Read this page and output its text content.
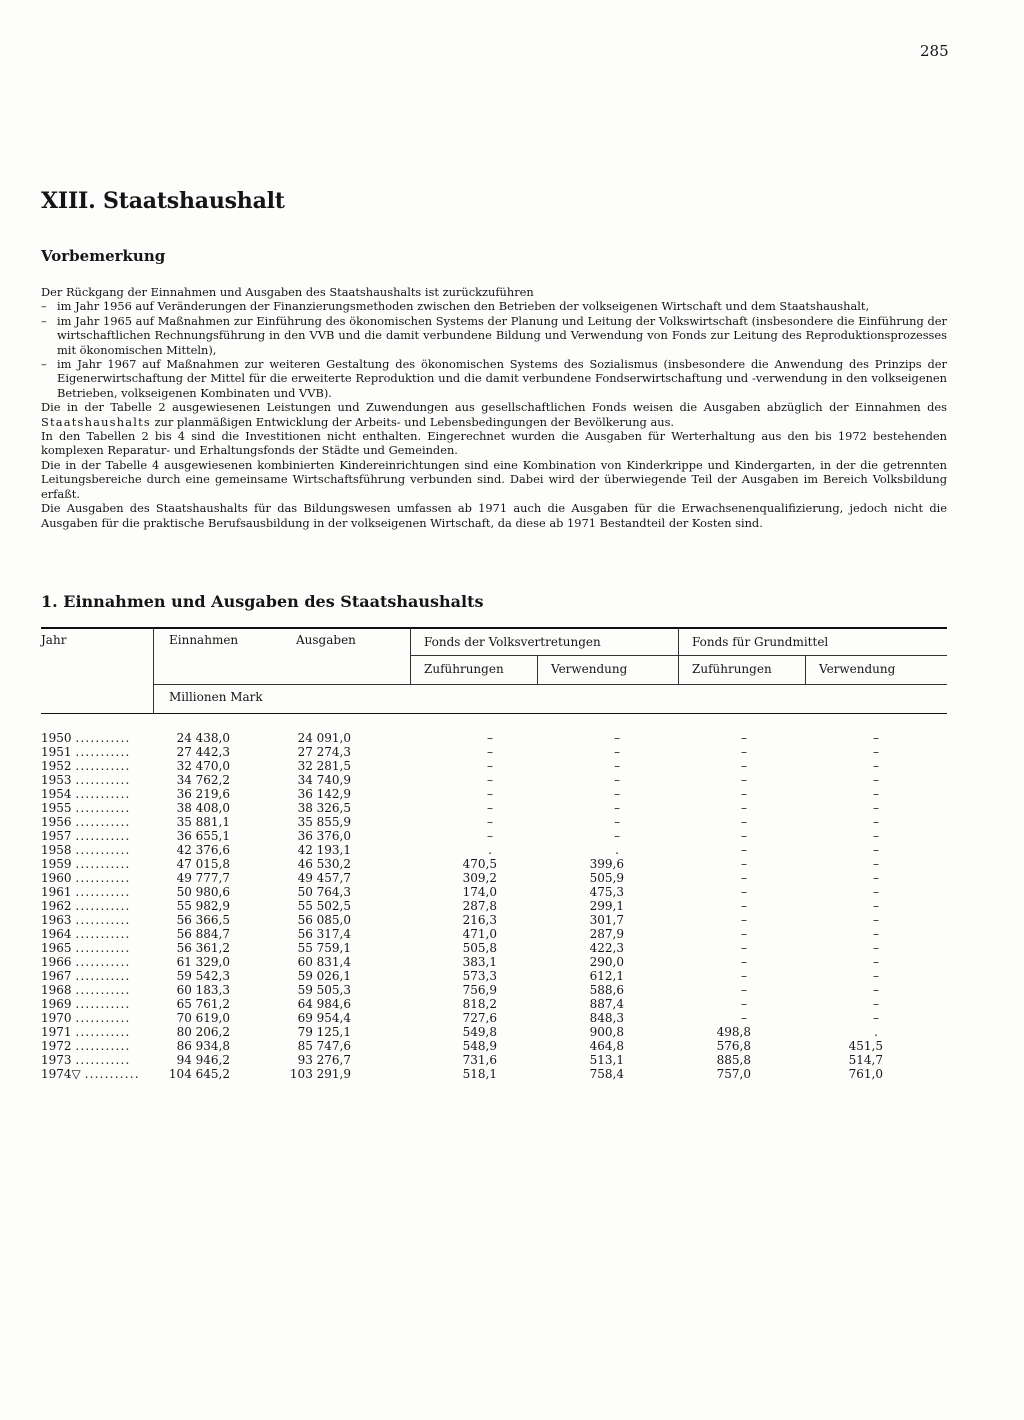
285
XIII. Staatshaushalt
Vorbemerkung

Der Rückgang der Einnahmen und Ausgaben des Staatshaushalts ist zurückzuführen

– im Jahr 1956 auf Veränderungen der Finanzierungsmethoden zwischen den Betrieben der volkseigenen Wirtschaft und dem Staatshaushalt,

– im Jahr 1965 auf Maßnahmen zur Einführung des ökonomischen Systems der Planung und Leitung der Volkswirtschaft (insbesondere die Einführung der wirtschaftlichen Rechnungsführung in den VVB und die damit verbundene Bildung und Verwendung von Fonds zur Leitung des Reproduktionsprozesses mit ökonomischen Mitteln),

– im Jahr 1967 auf Maßnahmen zur weiteren Gestaltung des ökonomischen Systems des Sozialismus (insbesondere die Anwendung des Prinzips der Eigenerwirtschaftung der Mittel für die erweiterte Reproduktion und die damit verbundene Fondserwirtschaftung und -verwendung in den volkseigenen Betrieben, volkseigenen Kombinaten und VVB).

Die in der Tabelle 2 ausgewiesenen Leistungen und Zuwendungen aus gesellschaftlichen Fonds weisen die Ausgaben abzüglich der Einnahmen des Staatshaushalts zur planmäßigen Entwicklung der Arbeits- und Lebensbedingungen der Bevölkerung aus.

In den Tabellen 2 bis 4 sind die Investitionen nicht enthalten. Eingerechnet wurden die Ausgaben für Werterhaltung aus den bis 1972 bestehenden komplexen Reparatur- und Erhaltungsfonds der Städte und Gemeinden.

Die in der Tabelle 4 ausgewiesenen kombinierten Kindereinrichtungen sind eine Kombination von Kinderkrippe und Kindergarten, in der die getrennten Leitungsbereiche durch eine gemeinsame Wirtschaftsführung verbunden sind. Dabei wird der überwiegende Teil der Ausgaben im Bereich Volksbildung erfaßt.

Die Ausgaben des Staatshaushalts für das Bildungswesen umfassen ab 1971 auch die Ausgaben für die Erwachsenenqualifizierung, jedoch nicht die Ausgaben für die praktische Berufsausbildung in der volkseigenen Wirtschaft, da diese ab 1971 Bestandteil der Kosten sind.

1. Einnahmen und Ausgaben des Staatshaushalts
Jahr	Einnahmen	Ausgaben	Fonds der Volksvertretungen	Fonds für Grundmittel
Zuführungen	Verwendung	Zuführungen	Verwendung
Millionen Mark
1950 ...........	24 438,0	24 091,0	–	–	–	–
1951 ...........	27 442,3	27 274,3	–	–	–	–
1952 ...........	32 470,0	32 281,5	–	–	–	–
1953 ...........	34 762,2	34 740,9	–	–	–	–
1954 ...........	36 219,6	36 142,9	–	–	–	–
1955 ...........	38 408,0	38 326,5	–	–	–	–
1956 ...........	35 881,1	35 855,9	–	–	–	–
1957 ...........	36 655,1	36 376,0	–	–	–	–
1958 ...........	42 376,6	42 193,1	.	.	–	–
1959 ...........	47 015,8	46 530,2	470,5	399,6	–	–
1960 ...........	49 777,7	49 457,7	309,2	505,9	–	–
1961 ...........	50 980,6	50 764,3	174,0	475,3	–	–
1962 ...........	55 982,9	55 502,5	287,8	299,1	–	–
1963 ...........	56 366,5	56 085,0	216,3	301,7	–	–
1964 ...........	56 884,7	56 317,4	471,0	287,9	–	–
1965 ...........	56 361,2	55 759,1	505,8	422,3	–	–
1966 ...........	61 329,0	60 831,4	383,1	290,0	–	–
1967 ...........	59 542,3	59 026,1	573,3	612,1	–	–
1968 ...........	60 183,3	59 505,3	756,9	588,6	–	–
1969 ...........	65 761,2	64 984,6	818,2	887,4	–	–
1970 ...........	70 619,0	69 954,4	727,6	848,3	–	–
1971 ...........	80 206,2	79 125,1	549,8	900,8	498,8	.
1972 ...........	86 934,8	85 747,6	548,9	464,8	576,8	451,5
1973 ...........	94 946,2	93 276,7	731,6	513,1	885,8	514,7
1974▽ ...........	104 645,2	103 291,9	518,1	758,4	757,0	761,0
